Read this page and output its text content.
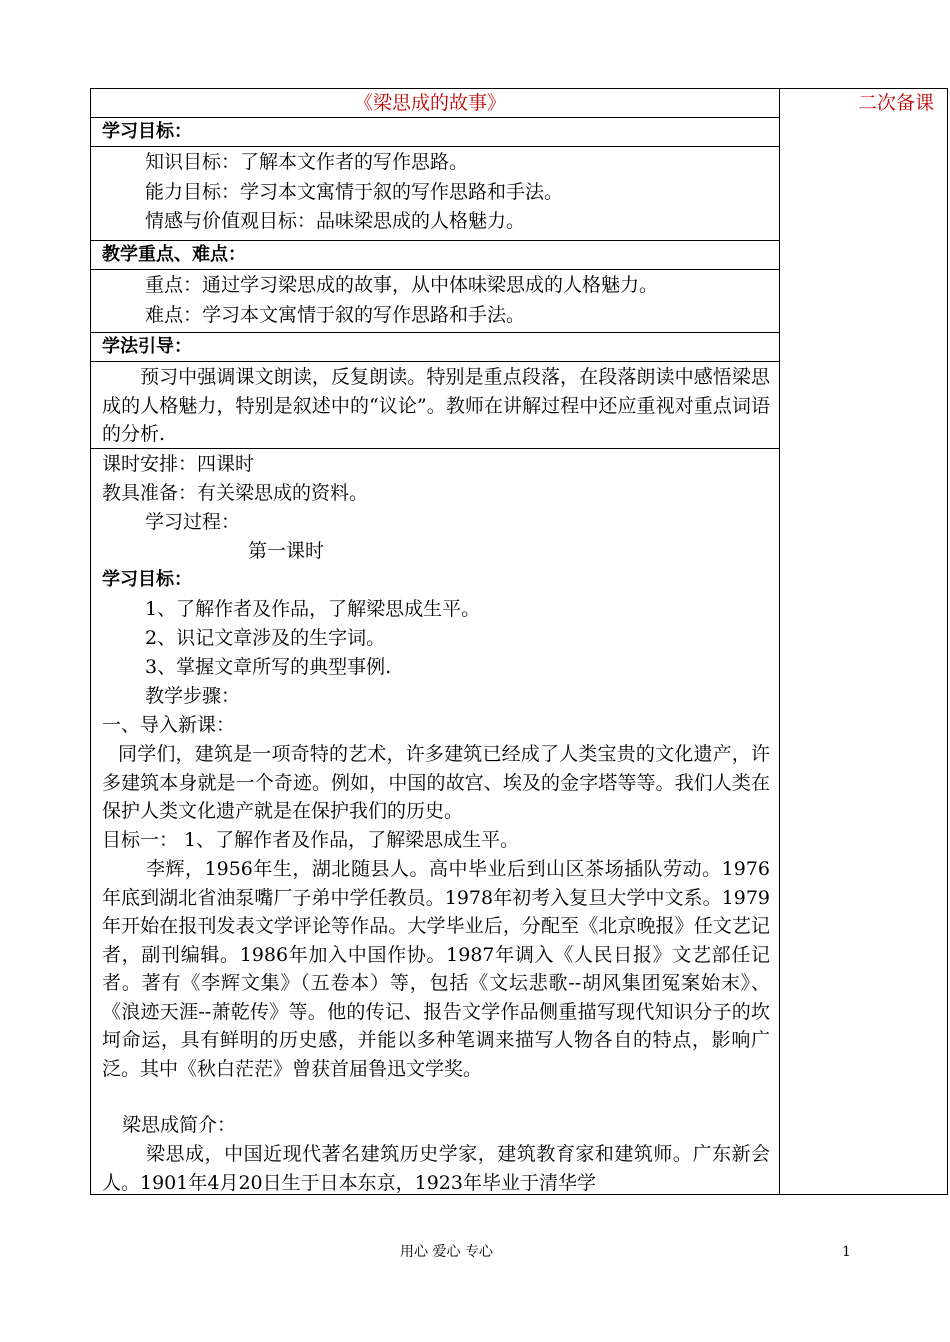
《梁思成的故事》	二次备课
学习目标：
知识目标：了解本文作者的写作思路。
能力目标：学习本文寓情于叙的写作思路和手法。
情感与价值观目标：品味梁思成的人格魅力。
教学重点、难点：
重点：通过学习梁思成的故事，从中体味梁思成的人格魅力。
难点：学习本文寓情于叙的写作思路和手法。
学法引导：
预习中强调课文朗读，反复朗读。特别是重点段落，在段落朗读中感悟梁思成的人格魅力，特别是叙述中的“议论”。教师在讲解过程中还应重视对重点词语的分析.
课时安排：四课时
教具准备：有关梁思成的资料。
学习过程：
第一课时
学习目标：
1、了解作者及作品，了解梁思成生平。
2、识记文章涉及的生字词。
3、掌握文章所写的典型事例.
教学步骤：
一、导入新课：
同学们，建筑是一项奇特的艺术，许多建筑已经成了人类宝贵的文化遗产，许多建筑本身就是一个奇迹。例如，中国的故宫、埃及的金字塔等等。我们人类在保护人类文化遗产就是在保护我们的历史。
目标一： 1、了解作者及作品，了解梁思成生平。
李辉，1956年生，湖北随县人。高中毕业后到山区茶场插队劳动。1976年底到湖北省油泵嘴厂子弟中学任教员。1978年初考入复旦大学中文系。1979年开始在报刊发表文学评论等作品。大学毕业后，分配至《北京晚报》任文艺记者，副刊编辑。1986年加入中国作协。1987年调入《人民日报》文艺部任记者。著有《李辉文集》（五卷本）等，包括《文坛悲歌--胡风集团冤案始末》、《浪迹天涯--萧乾传》等。他的传记、报告文学作品侧重描写现代知识分子的坎坷命运，具有鲜明的历史感，并能以多种笔调来描写人物各自的特点，影响广泛。其中《秋白茫茫》曾获首届鲁迅文学奖。
梁思成简介：
梁思成，中国近现代著名建筑历史学家，建筑教育家和建筑师。广东新会人。1901年4月20日生于日本东京，1923年毕业于清华学
用心 爱心 专心	1
